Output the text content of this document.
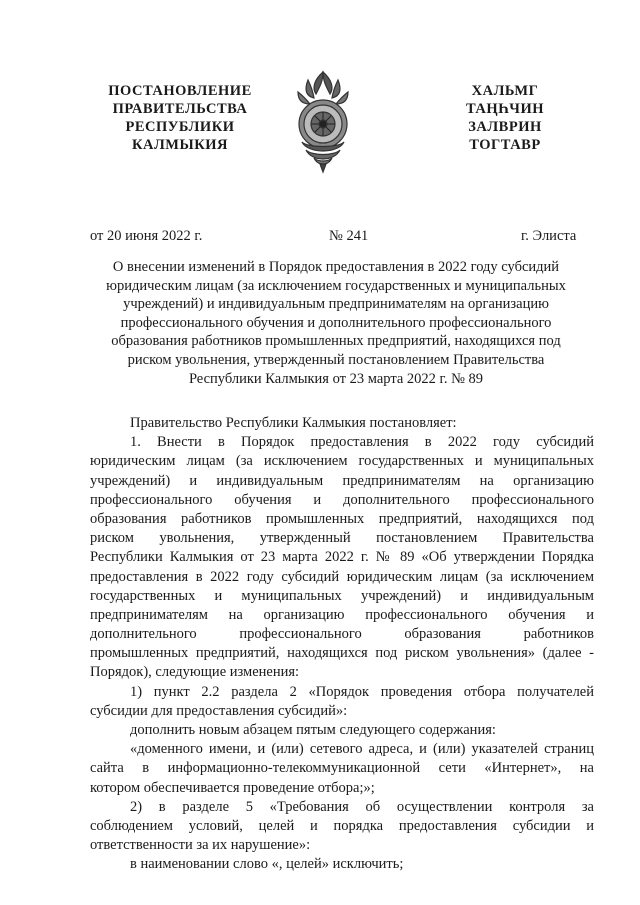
ПОСТАНОВЛЕНИЕ
ПРАВИТЕЛЬСТВА
РЕСПУБЛИКИ
КАЛМЫКИЯ
ХАЛЬМГ
ТАҢҺЧИН
ЗАЛВРИН
ТОГТАВР
от 20 июня 2022 г.	№ 241	г. Элиста
О внесении изменений в Порядок предоставления в 2022 году субсидий
юридическим лицам (за исключением государственных и муниципальных
учреждений) и индивидуальным предпринимателям на организацию
профессионального обучения и дополнительного профессионального
образования работников промышленных предприятий, находящихся под
риском увольнения, утвержденный постановлением Правительства
Республики Калмыкия от 23 марта 2022 г. № 89
Правительство Республики Калмыкия постановляет:
1. Внести в Порядок предоставления в 2022 году субсидий
юридическим лицам (за исключением государственных и муниципальных
учреждений) и индивидуальным предпринимателям на организацию
профессионального обучения и дополнительного профессионального
образования работников промышленных предприятий, находящихся под
риском увольнения, утвержденный постановлением Правительства
Республики Калмыкия от 23 марта 2022 г. № 89 «Об утверждении Порядка
предоставления в 2022 году субсидий юридическим лицам (за исключением
государственных и муниципальных учреждений) и индивидуальным
предпринимателям на организацию профессионального обучения и
дополнительного профессионального образования работников
промышленных предприятий, находящихся под риском увольнения» (далее -
Порядок), следующие изменения:
1) пункт 2.2 раздела 2 «Порядок проведения отбора получателей
субсидии для предоставления субсидий»:
дополнить новым абзацем пятым следующего содержания:
«доменного имени, и (или) сетевого адреса, и (или) указателей страниц
сайта в информационно-телекоммуникационной сети «Интернет», на
котором обеспечивается проведение отбора;»;
2) в разделе 5 «Требования об осуществлении контроля за
соблюдением условий, целей и порядка предоставления субсидии и
ответственности за их нарушение»:
в наименовании слово «, целей» исключить;
